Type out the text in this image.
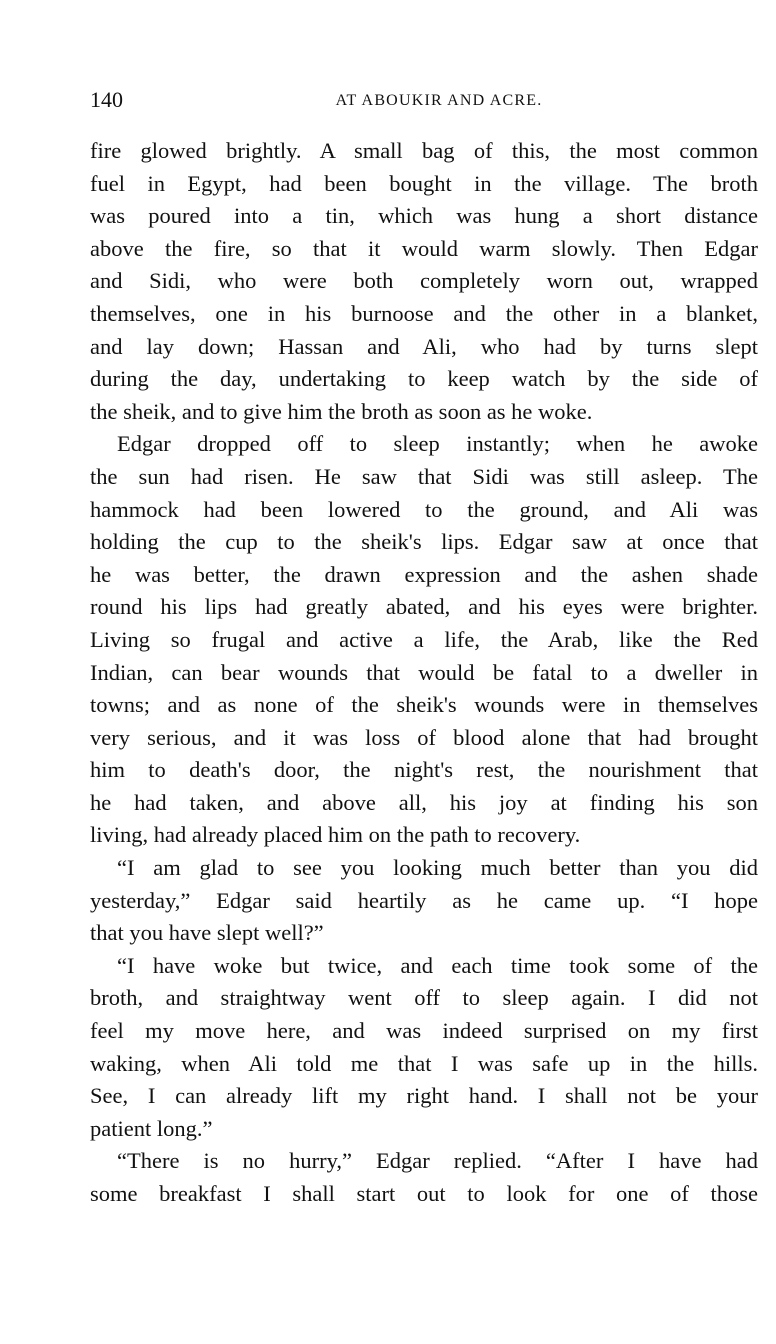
140	AT ABOUKIR AND ACRE.

fire glowed brightly. A small bag of this, the most common

fuel in Egypt, had been bought in the village. The broth

was poured into a tin, which was hung a short distance

above the fire, so that it would warm slowly. Then Edgar

and Sidi, who were both completely worn out, wrapped

themselves, one in his burnoose and the other in a blanket,

and lay down; Hassan and Ali, who had by turns slept

during the day, undertaking to keep watch by the side of

the sheik, and to give him the broth as soon as he woke.

Edgar dropped off to sleep instantly; when he awoke

the sun had risen. He saw that Sidi was still asleep. The

hammock had been lowered to the ground, and Ali was

holding the cup to the sheik's lips. Edgar saw at once that

he was better, the drawn expression and the ashen shade

round his lips had greatly abated, and his eyes were brighter.

Living so frugal and active a life, the Arab, like the Red

Indian, can bear wounds that would be fatal to a dweller in

towns; and as none of the sheik's wounds were in themselves

very serious, and it was loss of blood alone that had brought

him to death's door, the night's rest, the nourishment that

he had taken, and above all, his joy at finding his son

living, had already placed him on the path to recovery.

“I am glad to see you looking much better than you did

yesterday,” Edgar said heartily as he came up. “I hope

that you have slept well?”

“I have woke but twice, and each time took some of the

broth, and straightway went off to sleep again. I did not

feel my move here, and was indeed surprised on my first

waking, when Ali told me that I was safe up in the hills.

See, I can already lift my right hand. I shall not be your

patient long.”

“There is no hurry,” Edgar replied. “After I have had

some breakfast I shall start out to look for one of those
